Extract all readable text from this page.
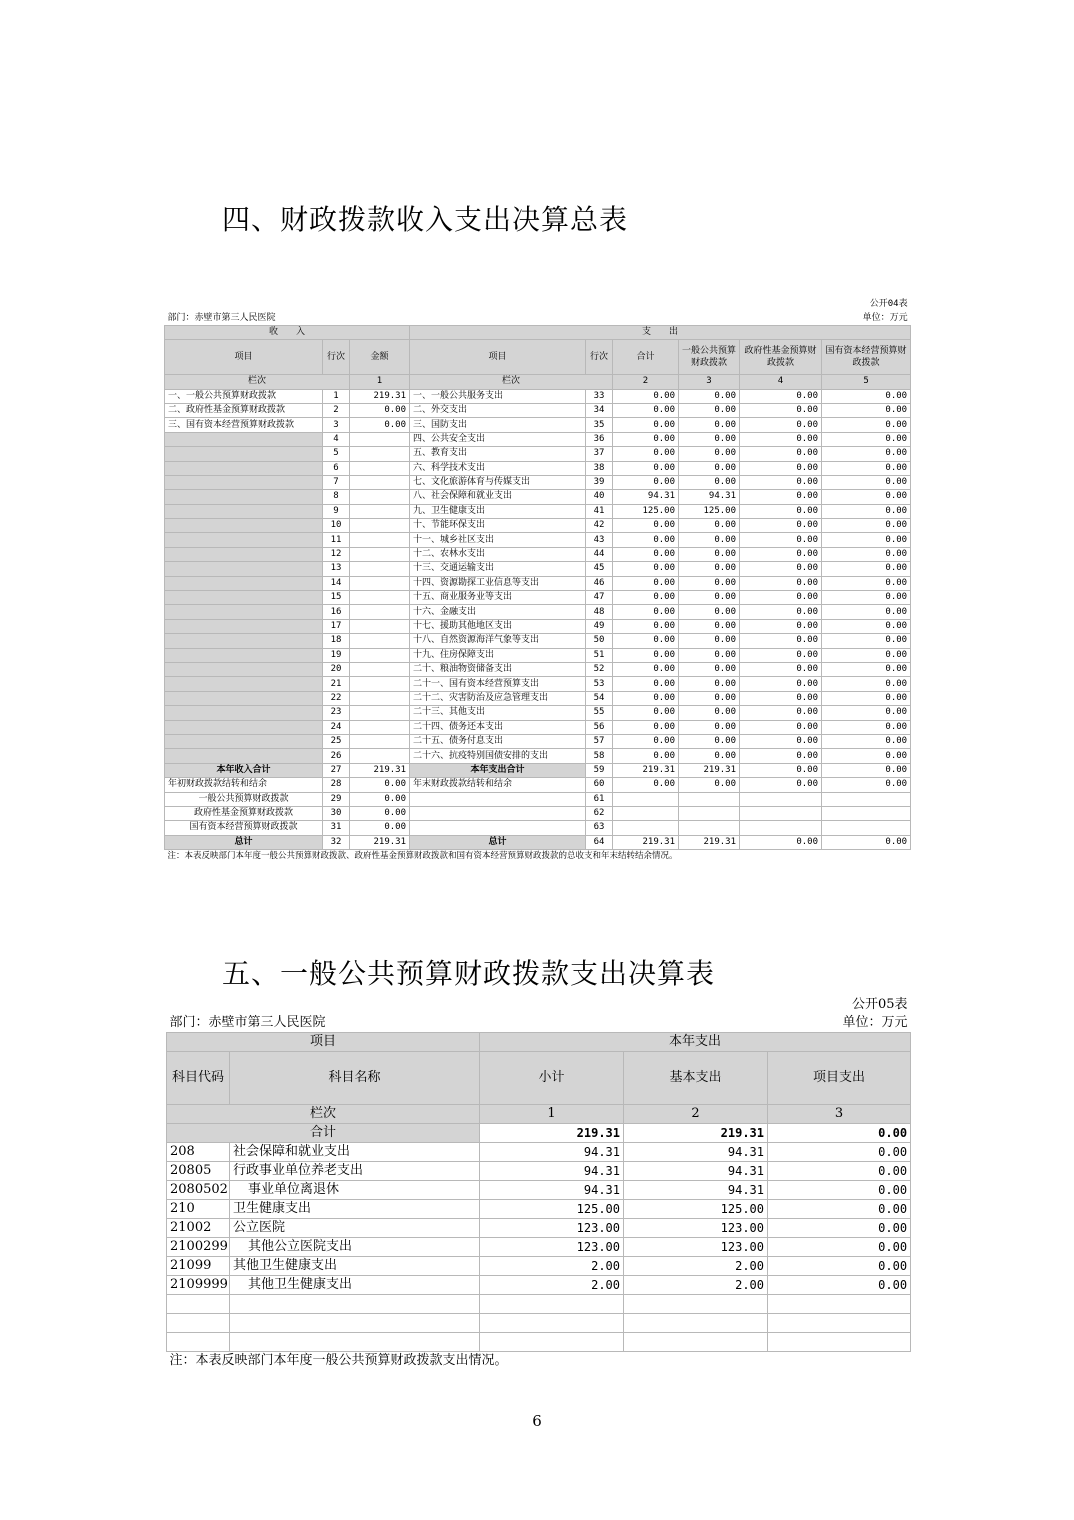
四、财政拨款收入支出决算总表
公开04表								
部门：赤壁市第三人民医院					单位：万元			
收　　入			支　　出					
项目	行次	金额	项目	行次	合计	一般公共预算财政拨款	政府性基金预算财政拨款	国有资本经营预算财政拨款
栏次		1	栏次		2	3	4	5
一、一般公共预算财政拨款	1	219.31	一、一般公共服务支出	33	0.00	0.00	0.00	0.00
二、政府性基金预算财政拨款	2	0.00	二、外交支出	34	0.00	0.00	0.00	0.00
三、国有资本经营预算财政拨款	3	0.00	三、国防支出	35	0.00	0.00	0.00	0.00
	4		四、公共安全支出	36	0.00	0.00	0.00	0.00
	5		五、教育支出	37	0.00	0.00	0.00	0.00
	6		六、科学技术支出	38	0.00	0.00	0.00	0.00
	7		七、文化旅游体育与传媒支出	39	0.00	0.00	0.00	0.00
	8		八、社会保障和就业支出	40	94.31	94.31	0.00	0.00
	9		九、卫生健康支出	41	125.00	125.00	0.00	0.00
	10		十、节能环保支出	42	0.00	0.00	0.00	0.00
	11		十一、城乡社区支出	43	0.00	0.00	0.00	0.00
	12		十二、农林水支出	44	0.00	0.00	0.00	0.00
	13		十三、交通运输支出	45	0.00	0.00	0.00	0.00
	14		十四、资源勘探工业信息等支出	46	0.00	0.00	0.00	0.00
	15		十五、商业服务业等支出	47	0.00	0.00	0.00	0.00
	16		十六、金融支出	48	0.00	0.00	0.00	0.00
	17		十七、援助其他地区支出	49	0.00	0.00	0.00	0.00
	18		十八、自然资源海洋气象等支出	50	0.00	0.00	0.00	0.00
	19		十九、住房保障支出	51	0.00	0.00	0.00	0.00
	20		二十、粮油物资储备支出	52	0.00	0.00	0.00	0.00
	21		二十一、国有资本经营预算支出	53	0.00	0.00	0.00	0.00
	22		二十二、灾害防治及应急管理支出	54	0.00	0.00	0.00	0.00
	23		二十三、其他支出	55	0.00	0.00	0.00	0.00
	24		二十四、债务还本支出	56	0.00	0.00	0.00	0.00
	25		二十五、债务付息支出	57	0.00	0.00	0.00	0.00
	26		二十六、抗疫特别国债安排的支出	58	0.00	0.00	0.00	0.00
本年收入合计	27	219.31	本年支出合计	59	219.31	219.31	0.00	0.00
年初财政拨款结转和结余	28	0.00	年末财政拨款结转和结余	60	0.00	0.00	0.00	0.00
一般公共预算财政拨款	29	0.00		61				
政府性基金预算财政拨款	30	0.00		62				
国有资本经营预算财政拨款	31	0.00		63				
总计	32	219.31	总计	64	219.31	219.31	0.00	0.00
注：本表反映部门本年度一般公共预算财政拨款、政府性基金预算财政拨款和国有资本经营预算财政拨款的总收支和年末结转结余情况。								
五、一般公共预算财政拨款支出决算表
公开05表				
部门：赤壁市第三人民医院			单位：万元	
项目		本年支出		
科目代码	科目名称	小计	基本支出	项目支出
栏次		1	2	3
合计		219.31	219.31	0.00
208	社会保障和就业支出	94.31	94.31	0.00
20805	行政事业单位养老支出	94.31	94.31	0.00
2080502	事业单位离退休	94.31	94.31	0.00
210	卫生健康支出	125.00	125.00	0.00
21002	公立医院	123.00	123.00	0.00
2100299	其他公立医院支出	123.00	123.00	0.00
21099	其他卫生健康支出	2.00	2.00	0.00
2109999	其他卫生健康支出	2.00	2.00	0.00

注：本表反映部门本年度一般公共预算财政拨款支出情况。				
6
